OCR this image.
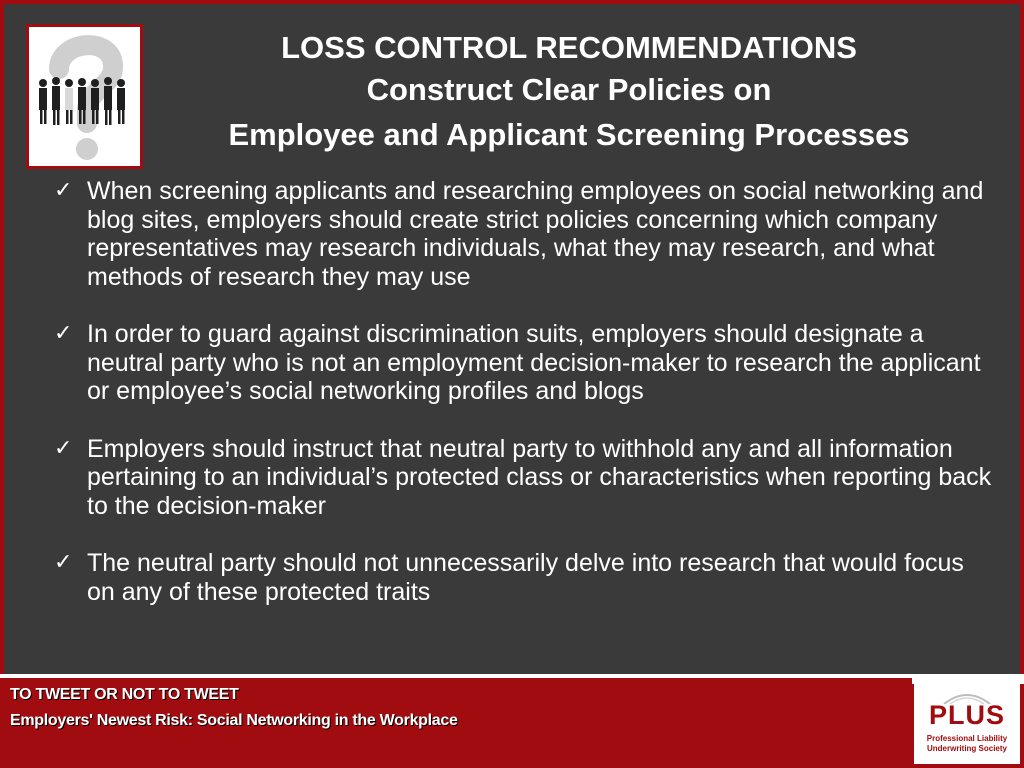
LOSS CONTROL RECOMMENDATIONS
Construct Clear Policies on
Employee and Applicant Screening Processes
✓ When screening applicants and researching employees on social networking and blog sites, employers should create strict policies concerning which company representatives may research individuals, what they may research, and what methods of research they may use
✓ In order to guard against discrimination suits, employers should designate a neutral party who is not an employment decision-maker to research the applicant or employee’s social networking profiles and blogs
✓ Employers should instruct that neutral party to withhold any and all information pertaining to an individual’s protected class or characteristics when reporting back to the decision-maker
✓ The neutral party should not unnecessarily delve into research that would focus on any of these protected traits
TO TWEET OR NOT TO TWEET
Employers' Newest Risk: Social Networking in the Workplace	PLUS
Professional Liability
Underwriting Society
